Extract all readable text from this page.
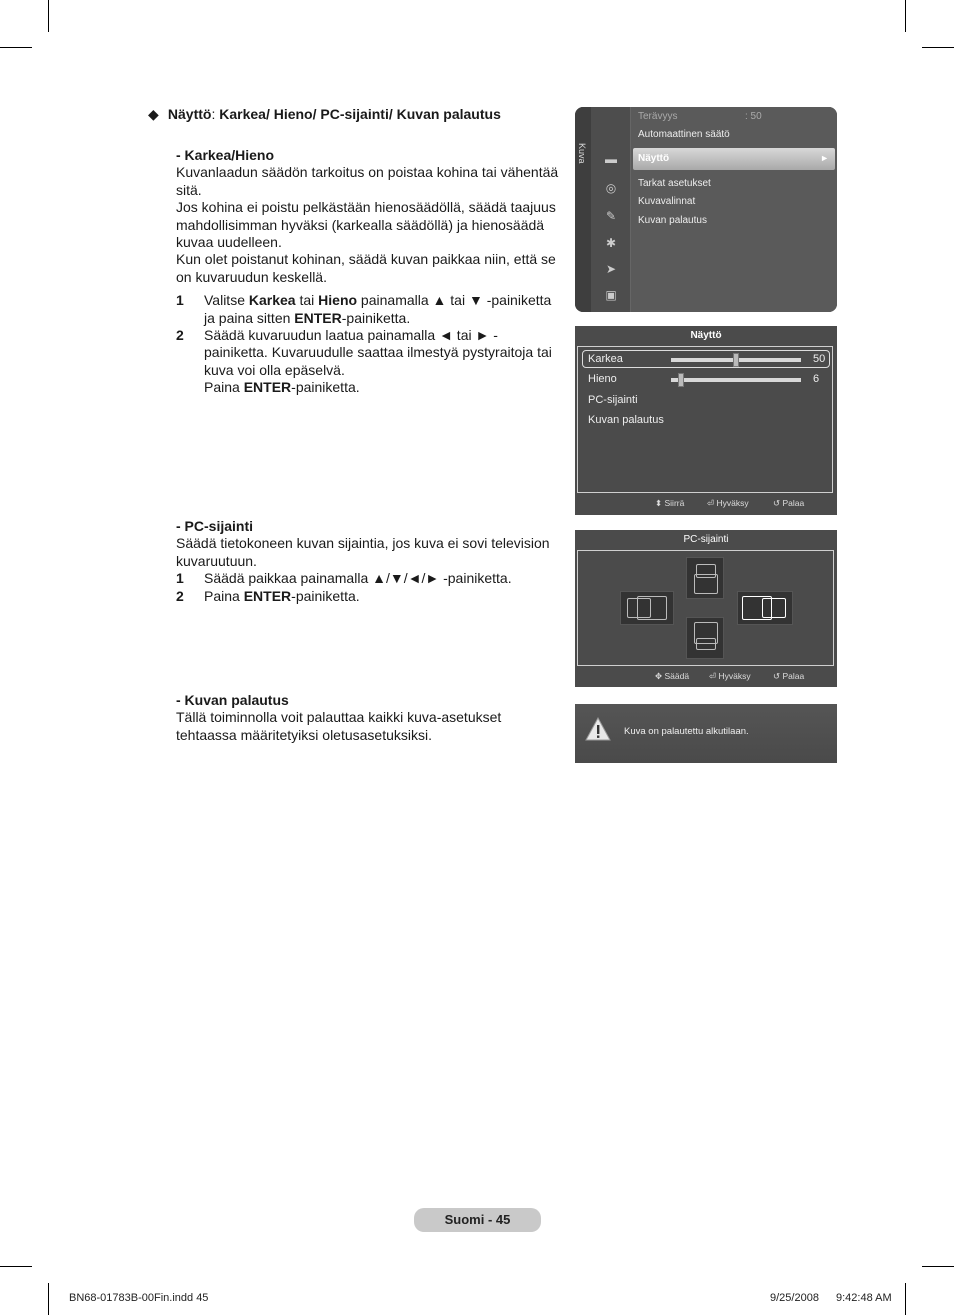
◆ Näyttö: Karkea/ Hieno/ PC-sijainti/ Kuvan palautus
- Karkea/Hieno
Kuvanlaadun säädön tarkoitus on poistaa kohina tai vähentää sitä.
Jos kohina ei poistu pelkästään hienosäädöllä, säädä taajuus mahdollisimman hyväksi (karkealla säädöllä) ja hienosäädä kuvaa uudelleen.
Kun olet poistanut kohinan, säädä kuvan paikkaa niin, että se on kuvaruudun keskellä.
1	Valitse Karkea tai Hieno painamalla ▲ tai ▼ -painiketta ja paina sitten ENTER-painiketta.
2	Säädä kuvaruudun laatua painamalla ◄ tai ► -painiketta. Kuvaruudulle saattaa ilmestyä pystyraitoja tai kuva voi olla epäselvä.
Paina ENTER-painiketta.
- PC-sijainti
Säädä tietokoneen kuvan sijaintia, jos kuva ei sovi television kuvaruutuun.
1	Säädä paikkaa painamalla ▲/▼/◄/► -painiketta.
2	Paina ENTER-painiketta.
- Kuvan palautus
Tällä toiminnolla voit palauttaa kaikki kuva-asetukset tehtaassa määritetyiksi oletusasetuksiksi.
Kuva ▬
◎
✎
✱
➤
▣
Terävyys	: 50
Automaattinen säätö
Näyttö	►
Tarkat asetukset
Kuvavalinnat
Kuvan palautus
Näyttö
Karkea	50
Hieno	6
PC-sijainti
Kuvan palautus
⬍ Siirrä	⏎ Hyväksy	↺ Palaa
PC-sijainti
✥ Säädä ⏎ Hyväksy	↺ Palaa
Kuva on palautettu alkutilaan.
Suomi - 45
BN68-01783B-00Fin.indd 45	9/25/2008 9:42:48 AM
